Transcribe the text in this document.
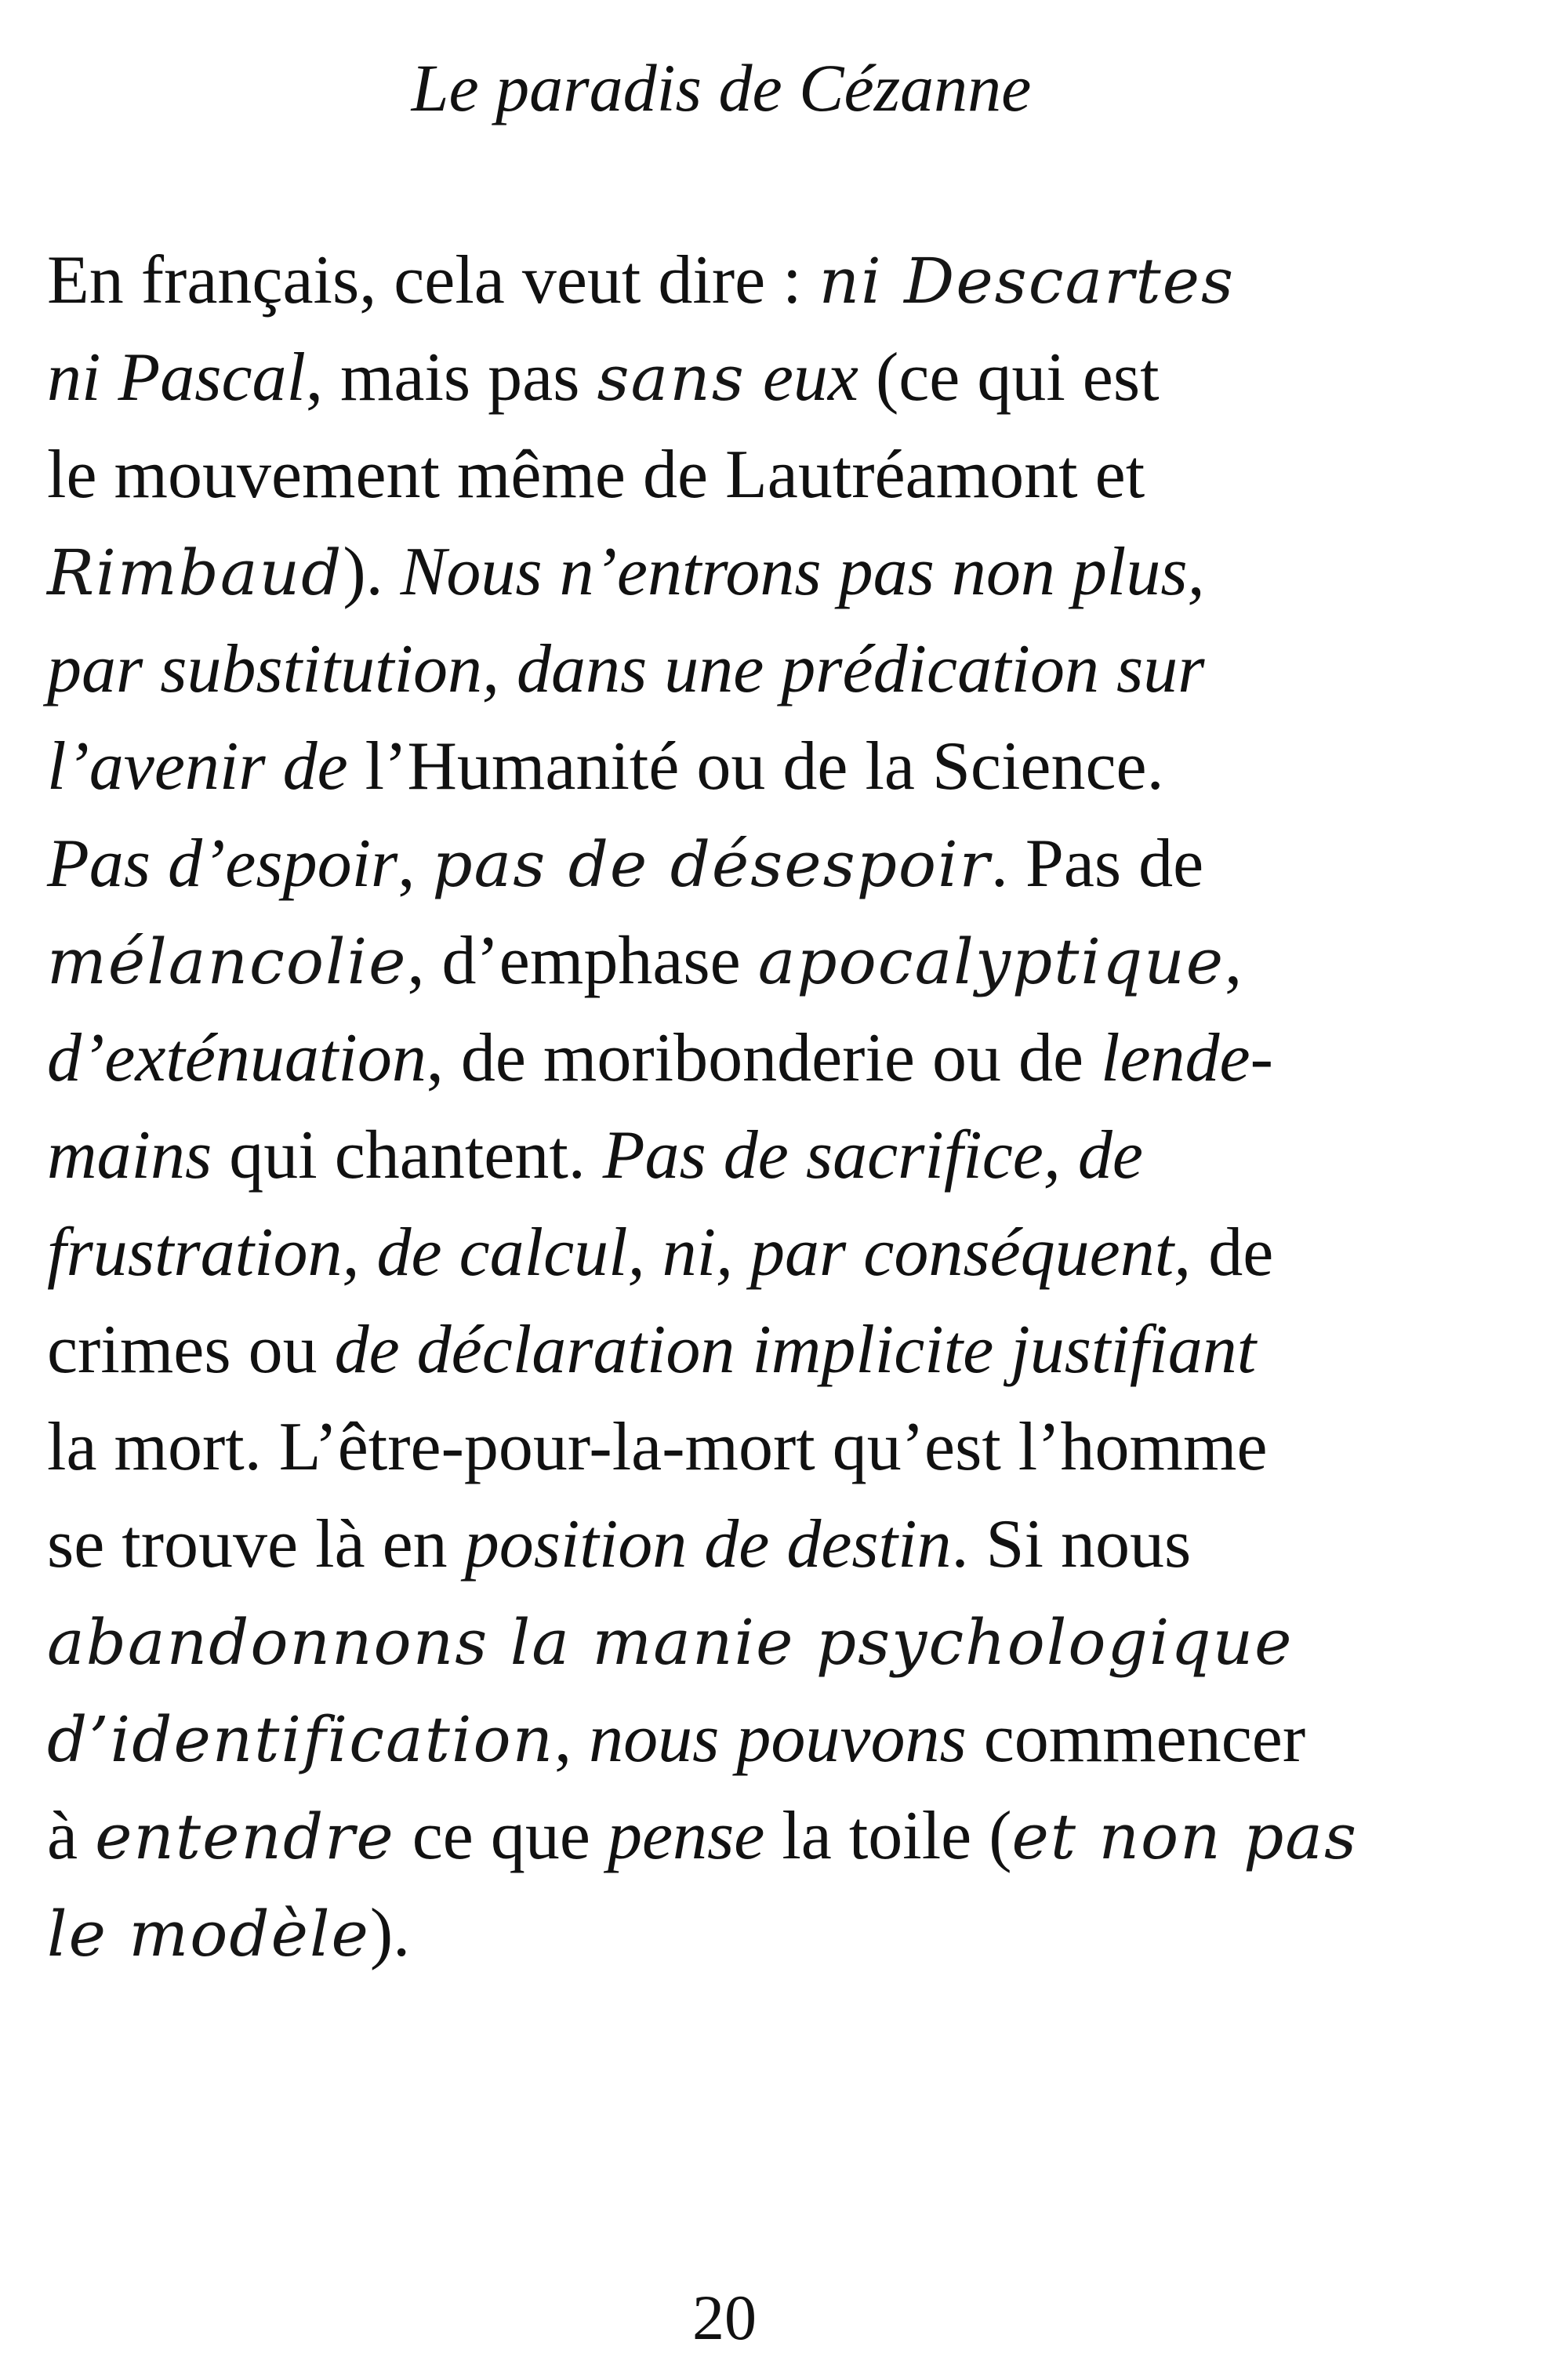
Le paradis de Cézanne
En français, cela veut dire : ni Descartes
ni Pascal, mais pas sans eux (ce qui est
le mouvement même de Lautréamont et
Rimbaud). Nous n’entrons pas non plus,
par substitution, dans une prédication sur
l’avenir de l’Humanité ou de la Science.
Pas d’espoir, pas de désespoir. Pas de
mélancolie, d’emphase apocalyptique,
d’exténuation, de moribonderie ou de lende-
mains qui chantent. Pas de sacrifice, de
frustration, de calcul, ni, par conséquent, de
crimes ou de déclaration implicite justifiant
la mort. L’être-pour-la-mort qu’est l’homme
se trouve là en position de destin. Si nous
abandonnons la manie psychologique
d’identification, nous pouvons commencer
à entendre ce que pense la toile (et non pas
le modèle).
20
